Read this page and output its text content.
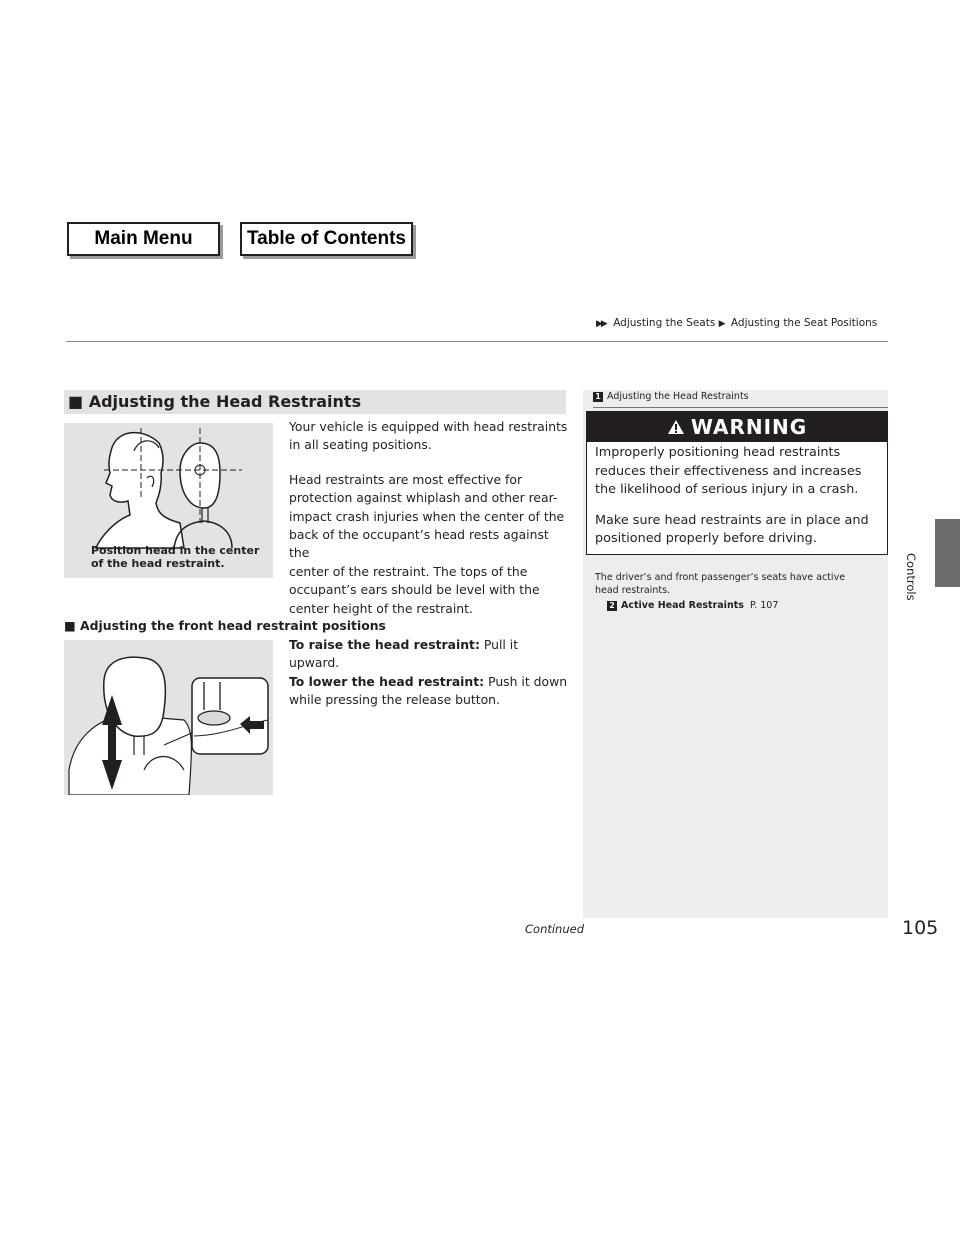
Main Menu	Table of Contents
▶▶ Adjusting the Seats ▶ Adjusting the Seat Positions
■ Adjusting the Head Restraints
Position head in the center
of the head restraint.
Your vehicle is equipped with head restraints
in all seating positions.
Head restraints are most effective for
protection against whiplash and other rear-
impact crash injuries when the center of the
back of the occupant’s head rests against the
center of the restraint. The tops of the
occupant’s ears should be level with the
center height of the restraint.
■ Adjusting the front head restraint positions
To raise the head restraint: Pull it upward.
To lower the head restraint: Push it down
while pressing the release button.
1 Adjusting the Head Restraints
WARNING
Improperly positioning head restraints
reduces their effectiveness and increases
the likelihood of serious injury in a crash.
Make sure head restraints are in place and
positioned properly before driving.
The driver’s and front passenger’s seats have active
head restraints.
2 Active Head Restraints P. 107
Controls
Continued	105
